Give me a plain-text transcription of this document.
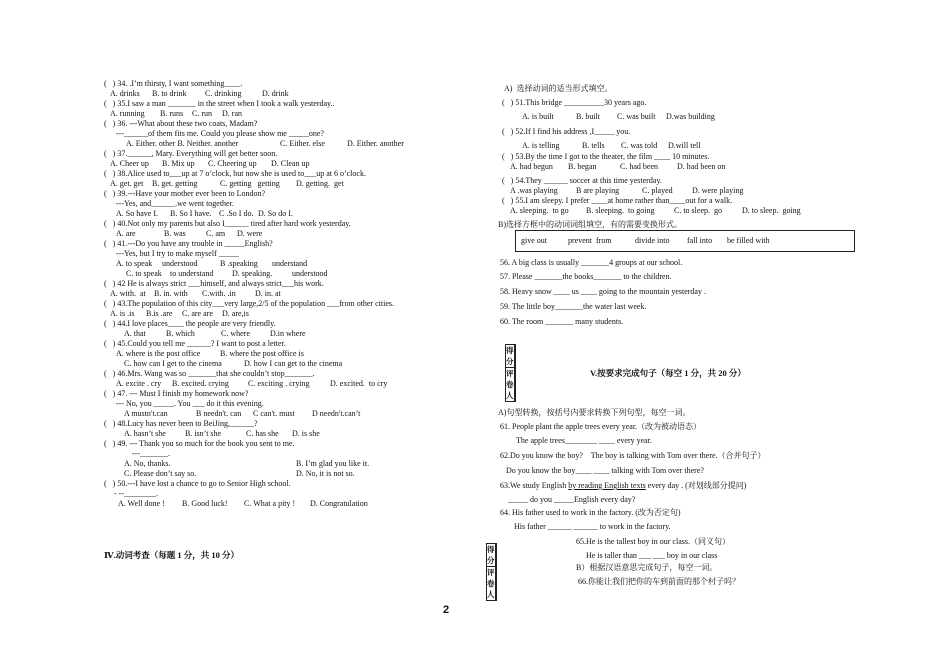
(   ) 34. .I’m thirsty, I want something____.
A. drinks B. to drink C. drinking	D. drink
(   ) 35.I saw a man _______ in the street when I took a walk yesterday..
A. running B. runs C. run D. ran
(   ) 36. ---What about these two coats, Madam?
---______of them fits me. Could you please show me _____one?
A. Either. other B. Neither. another	C. Either. else	D. Either. another
(   ) 37.______, Mary. Everything will get better soon.
A. Cheer up B. Mix up C. Cheering up D. Clean up
(   ) 38.Alice used to___up at 7 o’clock, but now she is used to___up at 6 o’clock.
A. get. get B. get. getting	C. getting   getting D. getting.  get
(   ) 39.---Have your mother ever been to London?
---Yes, and______.we went together.
A. So have I. B. So I have. C .So I do. D. So do I.
(   ) 40.Not only my parents but also I______ tired after hard work yesterday.
A. are	B. was	C. am D. were
(   ) 41.---Do you have any trouble in _____English?
---Yes, but I try to make myself _____
A. to speak understood	B .speaking understand
C. to speak to understand D. speaking. understood
(   ) 42 He is always strict ___himself, and always strict___his work.
A. with.  at B. in. with C.with. .in D. in. at
(   ) 43.The population of this city___very large,2/5 of the population ___from other cities.
A. is .is B.is .are C. are are D. are,is
(   ) 44.I love places____ the people are very friendly.
A. that	B. which	C. where	D.in where
(   ) 45.Could you tell me ______? I want to post a letter.
A. where is the post office B. where the post office is
C. how can I get to the cinema	D. how I can get to the cinema
(   ) 46.Mrs. Wang was so _______that she couldn’t stop_______.
A. excite . cry B. excited. crying C. exciting . crying	D. excited.  to cry
(   ) 47. --- Must I finish my homework now?
--- No, you _____. You ___ do it this evening.
A mustn't.can	B needn't. can C can't. must D needn't.can’t
(   ) 48.Lucy has never been to BeiJing,______?
A. hasn’t she B. isn’t she	C. has she D. is she
(   ) 49. --- Thank you so much for the book you sent to me.
---_______.
A. No, thanks.	B. I’m glad you like it.
C. Please don’t say so.	D. No, it is not so.
(   ) 50.---I have lost a chance to go to Senior High school.
- --________.
A. Well done ! B. Good luck! C. What a pity ! D. Congratulation
Ⅳ.动词考查（每题 1 分，共 10 分）
A)  选择动词的适当形式填空。
(   ) 51.This bridge __________30 years ago.
A. is built	B. built C. was built D.was building
(   ) 52.If I find his address ,I_____ you.
A. is telling	B. tells C. was told D.will tell
(   ) 53.By the time I got to the theater, the film ____ 10 minutes.
A. had begun B. began	C. had been D. had been on
(   ) 54.They ______ soccer at this time yesterday.
A .was playing B are playing	C. played D. were playing
(   ) 55.I am sleepy. I prefer ____at home rather than____out for a walk.
A. sleeping.  to go B. sleeping.  to going C. to sleep.  go	D. to sleep.  going
B)选择方框中的动词词组填空，有的需要变换形式。
give out	prevent  from	divide into fall into be filled with
56. A big class is usually _______4 groups at our school.
57. Please _______the books_______ to the children.
58. Heavy snow ____ us ____ going to the mountain yesterday .
59. The little boy_______the water last week.
60. The room _______ many students.
得 分	
评卷人	
V.按要求完成句子（每空 1 分，共 20 分）
A)句型转换，按括号内要求转换下列句型，每空一词。
61. People plant the apple trees every year.（改为被动语态）
The apple trees________ ____ every year.
62.Do you know the boy?    The boy is talking with Tom over there.（合并句子）
Do you know the boy____ ____ talking with Tom over there?
63.We study English by reading English texts every day . (对划线部分提问)
_____ do you _____English every day?
64. His father used to work in the factory. (改为否定句)
His father ______ ______ to work in the factory.
得 分	
评卷人	
65.He is the tallest boy in our class.（同义句）
He is taller than ___ ___ boy in our class
B）根据汉语意思完成句子，每空一词。
66.你能让我们把你的车到前面的那个村子吗？
2
